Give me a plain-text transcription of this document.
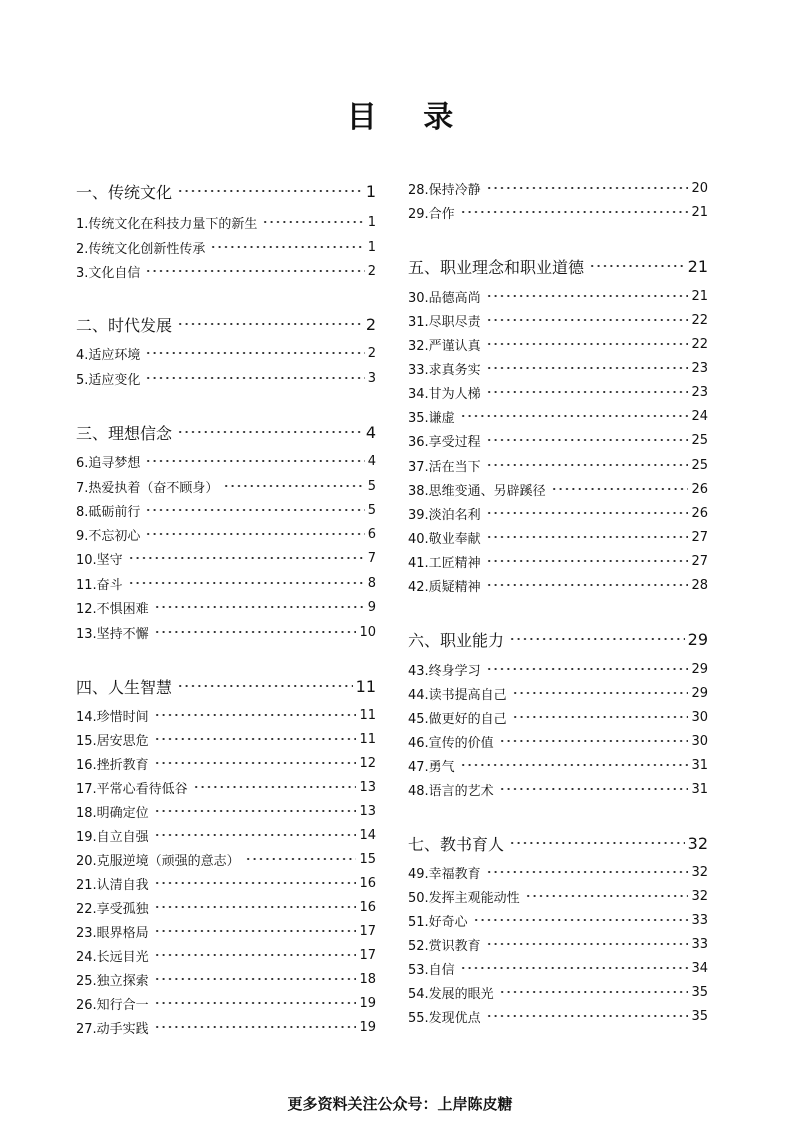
目 录
一、传统文化	1
1.传统文化在科技力量下的新生	1
2.传统文化创新性传承	1
3.文化自信	2
二、时代发展	2
4.适应环境	2
5.适应变化	3
三、理想信念	4
6.追寻梦想	4
7.热爱执着（奋不顾身）	5
8.砥砺前行	5
9.不忘初心	6
10.坚守	7
11.奋斗	8
12.不惧困难	9
13.坚持不懈	10
四、人生智慧	11
14.珍惜时间	11
15.居安思危	11
16.挫折教育	12
17.平常心看待低谷	13
18.明确定位	13
19.自立自强	14
20.克服逆境（顽强的意志）	15
21.认清自我	16
22.享受孤独	16
23.眼界格局	17
24.长远目光	17
25.独立探索	18
26.知行合一	19
27.动手实践	19
28.保持冷静	20
29.合作	21
五、职业理念和职业道德	21
30.品德高尚	21
31.尽职尽责	22
32.严谨认真	22
33.求真务实	23
34.甘为人梯	23
35.谦虚	24
36.享受过程	25
37.活在当下	25
38.思维变通、另辟蹊径	26
39.淡泊名利	26
40.敬业奉献	27
41.工匠精神	27
42.质疑精神	28
六、职业能力	29
43.终身学习	29
44.读书提高自己	29
45.做更好的自己	30
46.宣传的价值	30
47.勇气	31
48.语言的艺术	31
七、教书育人	32
49.幸福教育	32
50.发挥主观能动性	32
51.好奇心	33
52.赏识教育	33
53.自信	34
54.发展的眼光	35
55.发现优点	35
更多资料关注公众号：上岸陈皮糖
